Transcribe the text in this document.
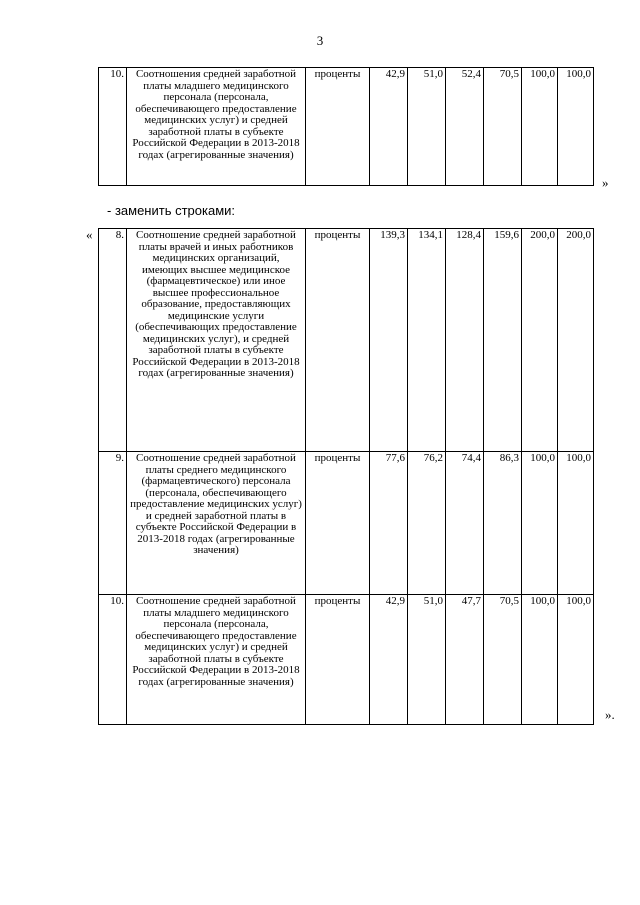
3
10.	Соотношения средней заработной платы младшего медицинского персонала (персонала, обеспечивающего предоставление медицинских услуг) и средней заработной платы в субъекте Российской Федерации в 2013-2018 годах (агрегированные значения)	проценты	42,9	51,0	52,4	70,5	100,0	100,0
»
- заменить строками:
« 8.	Соотношение средней заработной платы врачей и иных работников медицинских организаций, имеющих высшее медицинское (фармацевтическое) или иное высшее профессиональное образование, предоставляющих медицинские услуги (обеспечивающих предоставление медицинских услуг), и средней заработной платы в субъекте Российской Федерации в 2013-2018 годах (агрегированные значения)	проценты	139,3	134,1	128,4	159,6	200,0	200,0
9.	Соотношение средней заработной платы среднего медицинского (фармацевтического) персонала (персонала, обеспечивающего предоставление медицинских услуг) и средней заработной платы в субъекте Российской Федерации в 2013-2018 годах (агрегированные значения)	проценты	77,6	76,2	74,4	86,3	100,0	100,0
10.	Соотношение средней заработной платы младшего медицинского персонала (персонала, обеспечивающего предоставление медицинских услуг) и средней заработной платы в субъекте Российской Федерации в 2013-2018 годах (агрегированные значения)	проценты	42,9	51,0	47,7	70,5	100,0	100,0
».
